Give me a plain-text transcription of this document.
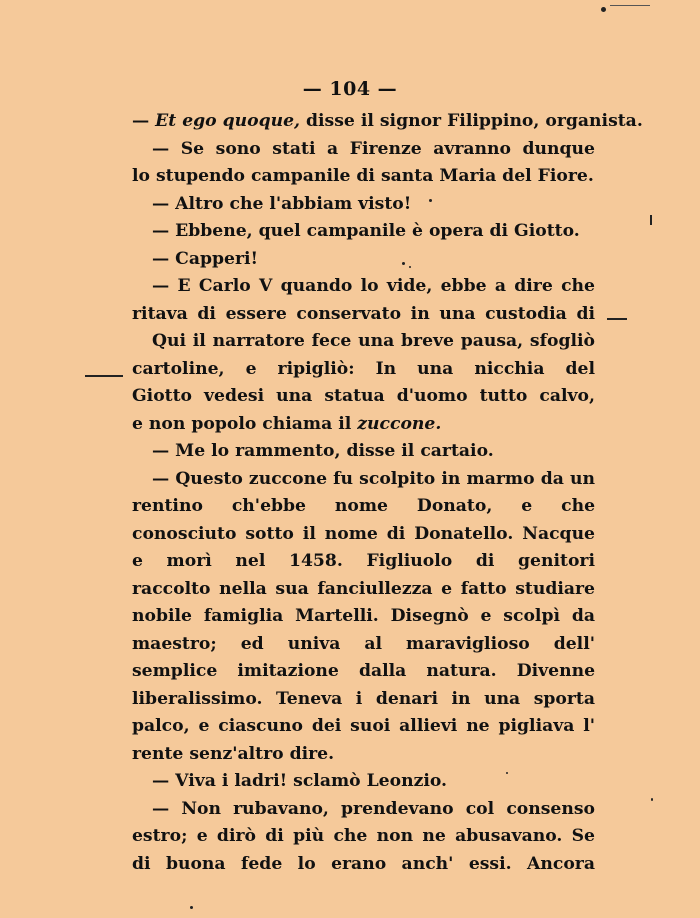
— 104 —
— Et ego quoque, disse il signor Filippino, organista.
— Se sono stati a Firenze avranno dunque
lo stupendo campanile di santa Maria del Fiore.
— Altro che l'abbiam visto!
— Ebbene, quel campanile è opera di Giotto.
— Capperi!
— E Carlo V quando lo vide, ebbe a dire che
ritava di essere conservato in una custodia di
Qui il narratore fece una breve pausa, sfogliò
cartoline, e ripigliò: In una nicchia del
Giotto vedesi una statua d'uomo tutto calvo,
e non popolo chiama il zuccone.
— Me lo rammento, disse il cartaio.
— Questo zuccone fu scolpito in marmo da un
rentino ch'ebbe nome Donato, e che
conosciuto sotto il nome di Donatello. Nacque
e morì nel 1458. Figliuolo di genitori
raccolto nella sua fanciullezza e fatto studiare
nobile famiglia Martelli. Disegnò e scolpì da
maestro; ed univa al maraviglioso dell'
semplice imitazione dalla natura. Divenne
liberalissimo. Teneva i denari in una sporta
palco, e ciascuno dei suoi allievi ne pigliava l'
rente senz'altro dire.
— Viva i ladri! sclamò Leonzio.
— Non rubavano, prendevano col consenso
estro; e dirò di più che non ne abusavano. Se
di buona fede lo erano anch' essi. Ancora
